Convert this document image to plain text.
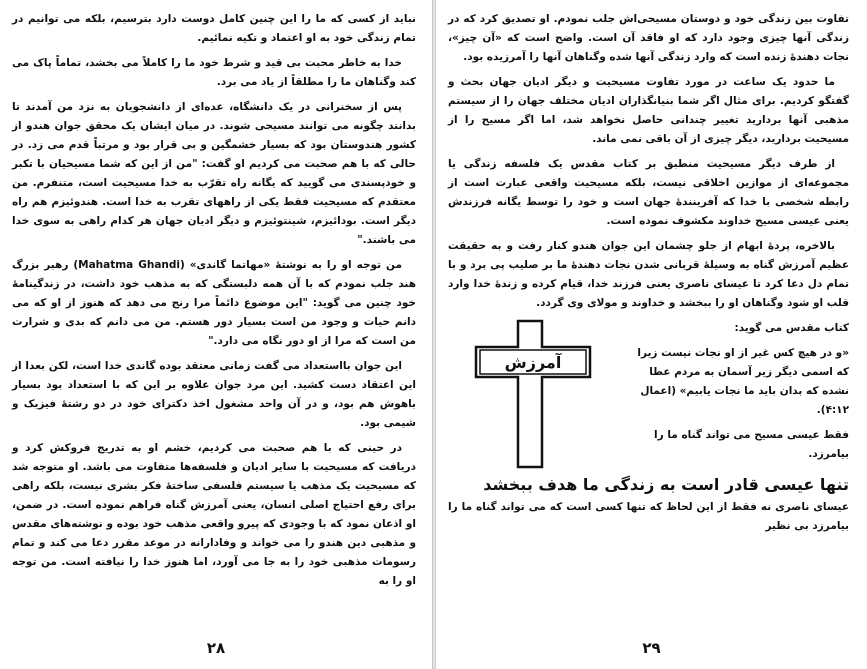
نباید از کسی که ما را این چنین کامل دوست دارد بترسیم، بلکه می توانیم در تمام زندگی خود به او اعتماد و تکیه نمائیم.

خدا به خاطر محبت بی قید و شرط خود ما را کاملاً می بخشد، تماماً پاک می کند وگناهان ما را مطلقاً از یاد می برد.

پس از سخنرانی در یک دانشگاه، عده‌ای از دانشجویان به نزد من آمدند تا بدانند چگونه می توانند مسیحی شوند. در میان ایشان یک محقق جوان هندو از کشور هندوستان بود که بسیار خشمگین و بی قرار بود و مرتباً قدم می زد. در حالی که با هم صحبت می کردیم او گفت: "من از این که شما مسیحیان با تکبر و خودپسندی می گویید که یگانه راه تقرّب به خدا مسیحیت است، متنفرم. من معتقدم که مسیحیت فقط یکی از راههای تقرب به خدا است. هندوئیزم هم راه دیگر است. بودائیزم، شینتوئیزم و دیگر ادیان جهان هر کدام راهی به سوی خدا می باشند."

من توجه او را به نوشتهٔ «مهاتما گاندی» (Mahatma Ghandi) رهبر بزرگ هند جلب نمودم که با آن همه دلبستگی که به مذهب خود داشت، در زندگینامهٔ خود چنین می گوید: "این موضوع دائماً مرا رنج می دهد که هنوز از او که می دانم حیات و وجود من است بسیار دور هستم. من می دانم که بدی و شرارت من است که مرا از او دور نگاه می دارد."

این جوان بااستعداد می گفت زمانی معتقد بوده گاندی خدا است، لکن بعدا از این اعتقاد دست کشید. این مرد جوان علاوه بر این که با استعداد بود بسیار باهوش هم بود، و در آن واحد مشغول اخذ دکترای خود در دو رشتهٔ فیزیک و شیمی بود.

در حینی که با هم صحبت می کردیم، خشم او به تدریج فروکش کرد و دریافت که مسیحیت با سایر ادیان و فلسفه‌ها متفاوت می باشد. او متوجه شد که مسیحیت یک مذهب یا سیستم فلسفی ساختهٔ فکر بشری نیست، بلکه راهی برای رفع احتیاج اصلی انسان، یعنی آمرزش گناه فراهم نموده است. در ضمن، او اذعان نمود که با وجودی که پیرو واقعی مذهب خود بوده و نوشته‌های مقدس و مذهبی دین هندو را می خواند و وفادارانه در موعد مقرر دعا می کند و تمام رسومات مذهبی خود را به جا می آورد، اما هنوز خدا را نیافته است. من توجه او را به

۲۸

تفاوت بین زندگی خود و دوستان مسیحی‌اش جلب نمودم. او تصدیق کرد که در زندگی آنها چیزی وجود دارد که او فاقد آن است. واضح است که «آن چیز»، نجات دهندهٔ زنده است که وارد زندگی آنها شده وگناهان آنها را آمرزیده بود.

ما حدود یک ساعت در مورد تفاوت مسیحیت و دیگر ادیان جهان بحث و گفتگو کردیم. برای مثال اگر شما بنیانگذاران ادیان مختلف جهان را از سیستم مذهبی آنها بردارید تغییر چندانی حاصل نخواهد شد، اما اگر مسیح را از مسیحیت بردارید، دیگر چیزی از آن باقی نمی ماند.

از طرف دیگر مسیحیت منطبق بر کتاب مقدس یک فلسفه زندگی یا مجموعه‌ای از موازین اخلاقی نیست، بلکه مسیحیت واقعی عبارت است از رابطه شخصی با خدا که آفرینندهٔ جهان است و خود را توسط یگانه فرزندش یعنی عیسی مسیح خداوند مکشوف نموده است.

بالاخره، پردهٔ ابهام از جلو چشمان این جوان هندو کنار رفت و به حقیقت عظیم آمرزش گناه به وسیلهٔ قربانی شدن نجات دهندهٔ ما بر صلیب پی برد و با تمام دل دعا کرد تا عیسای ناصری یعنی فرزند خدا، قیام کرده و زندهٔ خدا وارد قلب او شود وگناهان او را ببخشد و خداوند و مولای وی گردد.

کتاب مقدس می گوید:

«و در هیچ کس غیر از او نجات نیست زیرا که اسمی دیگر زیر آسمان به مردم عطا نشده که بدان باید ما نجات یابیم» (اعمال ۴:۱۲).

فقط عیسی مسیح می تواند گناه ما را بیامرزد.

آمرزش
تنها عیسی قادر است به زندگی ما هدف ببخشد

عیسای ناصری نه فقط از این لحاظ که تنها کسی است که می تواند گناه ما را بیامرزد بی نظیر

۲۹
